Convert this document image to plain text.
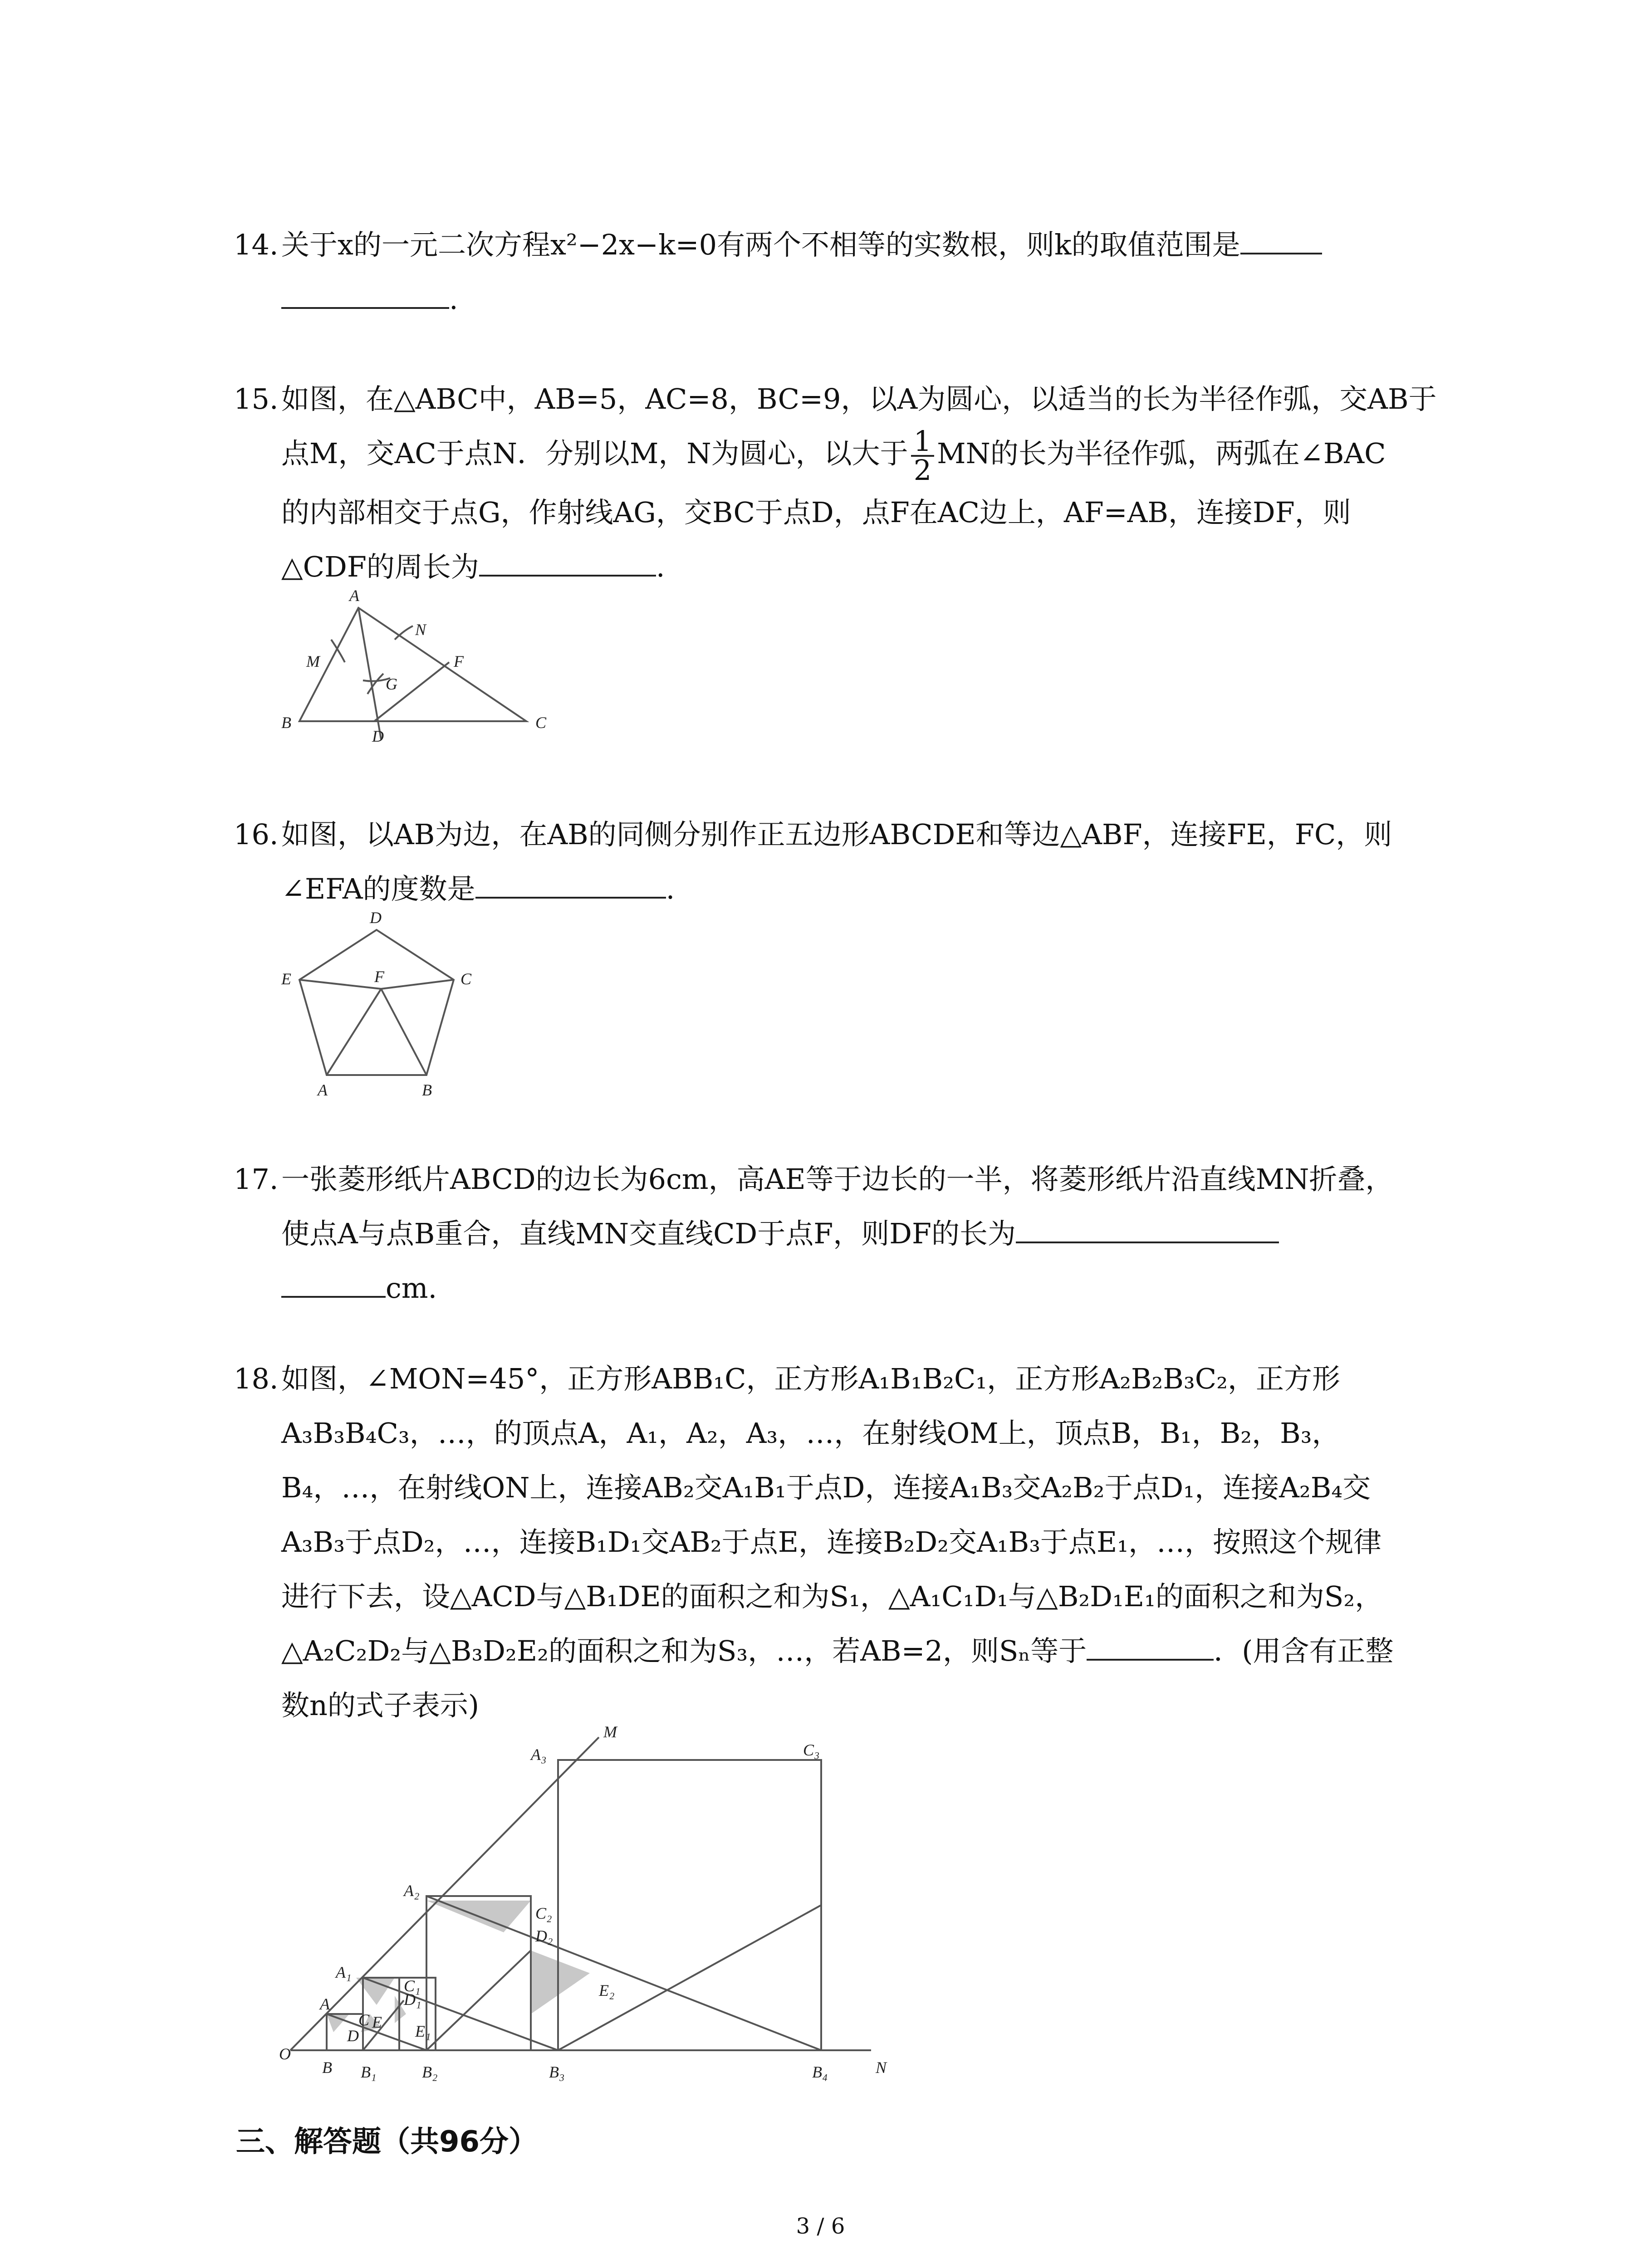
14. 关于x的一元二次方程x²−2x−k=0有两个不相等的实数根，则k的取值范围是
.
15. 如图，在△ABC中，AB=5，AC=8，BC=9，以A为圆心，以适当的长为半径作弧，交AB于
点M，交AC于点N．分别以M，N为圆心，以大于 $\frac{1}{2}$ MN的长为半径作弧，两弧在∠BAC
的内部相交于点G，作射线AG，交BC于点D，点F在AC边上，AF=AB，连接DF，则
△CDF的周长为	.
A
M
N
G
F
B
D
C
16. 如图，以AB为边，在AB的同侧分别作正五边形ABCDE和等边△ABF，连接FE，FC，则
∠EFA的度数是	.
D
E	F	C
A	B
17. 一张菱形纸片ABCD的边长为6cm，高AE等于边长的一半，将菱形纸片沿直线MN折叠，
使点A与点B重合，直线MN交直线CD于点F，则DF的长为
cm.
18. 如图，∠MON=45°，正方形ABB₁C，正方形A₁B₁B₂C₁，正方形A₂B₂B₃C₂，正方形
A₃B₃B₄C₃，…，的顶点A，A₁，A₂，A₃，…，在射线OM上，顶点B，B₁，B₂，B₃，
B₄，…，在射线ON上，连接AB₂交A₁B₁于点D，连接A₁B₃交A₂B₂于点D₁，连接A₂B₄交
A₃B₃于点D₂，…，连接B₁D₁交AB₂于点E，连接B₂D₂交A₁B₃于点E₁，…，按照这个规律
进行下去，设△ACD与△B₁DE的面积之和为S₁，△A₁C₁D₁与△B₂D₁E₁的面积之和为S₂，
△A₂C₂D₂与△B₃D₂E₂的面积之和为S₃，…，若AB=2，则Sₙ等于	．(用含有正整
数n的式子表示)
M
A₃	C₃
A₂
C₂
D₂
A₁
C₁
D₁
A
C E
D	E₁
E₂
O
B B₁	B₂	B₃	B₄	N
三、解答题（共96分）
3 / 6
